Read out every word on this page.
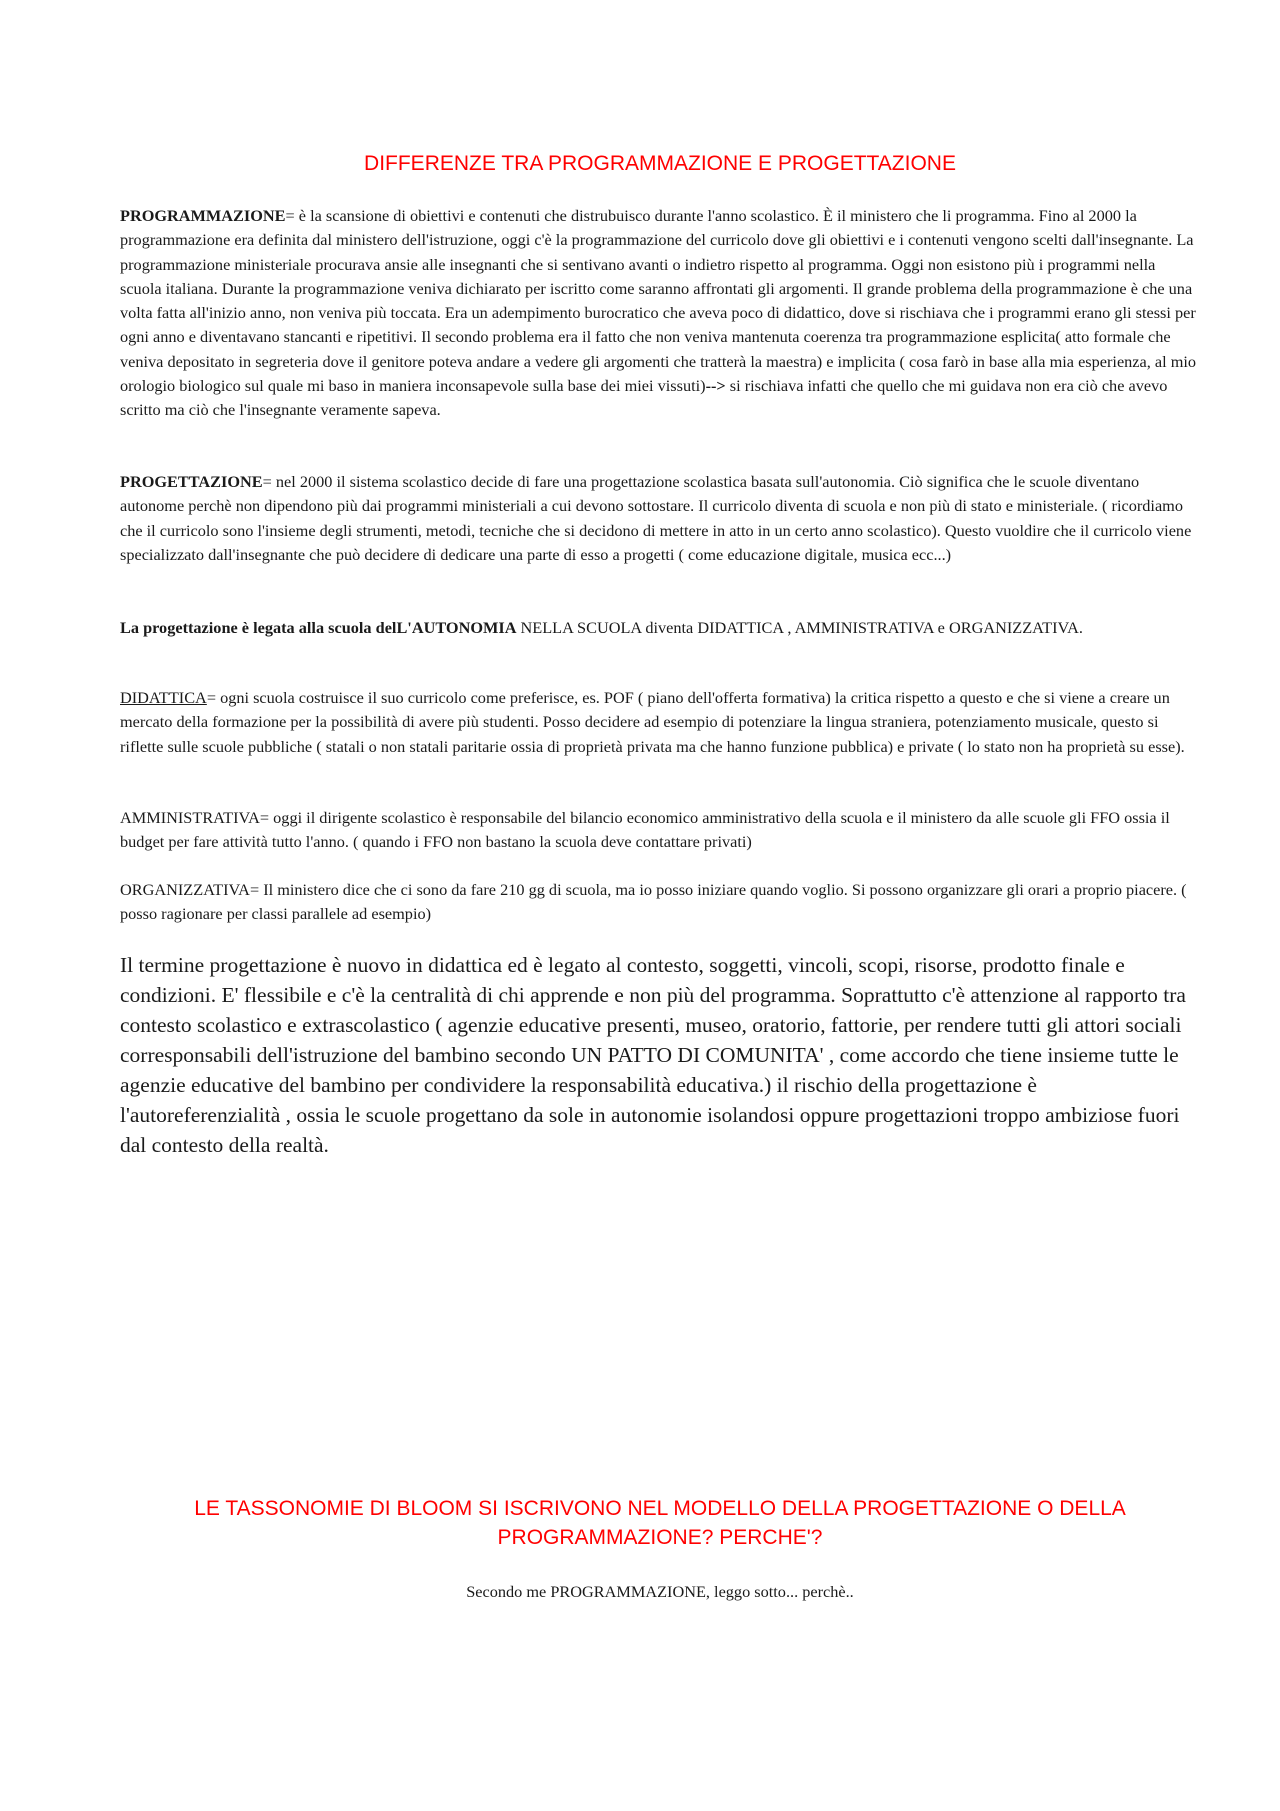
DIFFERENZE TRA PROGRAMMAZIONE E PROGETTAZIONE

PROGRAMMAZIONE= è la scansione di obiettivi e contenuti che distrubuisco durante l'anno scolastico. È il ministero che li programma. Fino al 2000 la programmazione era definita dal ministero dell'istruzione, oggi c'è la programmazione del curricolo dove gli obiettivi e i contenuti vengono scelti dall'insegnante. La programmazione ministeriale procurava ansie alle insegnanti che si sentivano avanti o indietro rispetto al programma. Oggi non esistono più i programmi nella scuola italiana. Durante la programmazione veniva dichiarato per iscritto come saranno affrontati gli argomenti. Il grande problema della programmazione è che una volta fatta all'inizio anno, non veniva più toccata. Era un adempimento burocratico che aveva poco di didattico, dove si rischiava che i programmi erano gli stessi per ogni anno e diventavano stancanti e ripetitivi. Il secondo problema era il fatto che non veniva mantenuta coerenza tra programmazione esplicita( atto formale che veniva depositato in segreteria dove il genitore poteva andare a vedere gli argomenti che tratterà la maestra) e implicita ( cosa farò in base alla mia esperienza, al mio orologio biologico sul quale mi baso in maniera inconsapevole sulla base dei miei vissuti)--> si rischiava infatti che quello che mi guidava non era ciò che avevo scritto ma ciò che l'insegnante veramente sapeva.

PROGETTAZIONE= nel 2000 il sistema scolastico decide di fare una progettazione scolastica basata sull'autonomia. Ciò significa che le scuole diventano autonome perchè non dipendono più dai programmi ministeriali a cui devono sottostare. Il curricolo diventa di scuola e non più di stato e ministeriale. ( ricordiamo che il curricolo sono l'insieme degli strumenti, metodi, tecniche che si decidono di mettere in atto in un certo anno scolastico). Questo vuoldire che il curricolo viene specializzato dall'insegnante che può decidere di dedicare una parte di esso a progetti ( come educazione digitale, musica ecc...)

La progettazione è legata alla scuola delL'AUTONOMIA NELLA SCUOLA diventa DIDATTICA , AMMINISTRATIVA e ORGANIZZATIVA.

DIDATTICA= ogni scuola costruisce il suo curricolo come preferisce, es. POF ( piano dell'offerta formativa) la critica rispetto a questo e che si viene a creare un mercato della formazione per la possibilità di avere più studenti. Posso decidere ad esempio di potenziare la lingua straniera, potenziamento musicale, questo si riflette sulle scuole pubbliche ( statali o non statali paritarie ossia di proprietà privata ma che hanno funzione pubblica) e private ( lo stato non ha proprietà su esse).

AMMINISTRATIVA= oggi il dirigente scolastico è responsabile del bilancio economico amministrativo della scuola e il ministero da alle scuole gli FFO ossia il budget per fare attività tutto l'anno. ( quando i FFO non bastano la scuola deve contattare privati)

ORGANIZZATIVA= Il ministero dice che ci sono da fare 210 gg di scuola, ma io posso iniziare quando voglio. Si possono organizzare gli orari a proprio piacere. ( posso ragionare per classi parallele ad esempio)

Il termine progettazione è nuovo in didattica ed è legato al contesto, soggetti, vincoli, scopi, risorse, prodotto finale e condizioni. E' flessibile e c'è la centralità di chi apprende e non più del programma. Soprattutto c'è attenzione al rapporto tra contesto scolastico e extrascolastico ( agenzie educative presenti, museo, oratorio, fattorie, per rendere tutti gli attori sociali corresponsabili dell'istruzione del bambino secondo UN PATTO DI COMUNITA' , come accordo che tiene insieme tutte le agenzie educative del bambino per condividere la responsabilità educativa.) il rischio della progettazione è l'autoreferenzialità , ossia le scuole progettano da sole in autonomie isolandosi oppure progettazioni troppo ambiziose fuori dal contesto della realtà.

LE TASSONOMIE DI BLOOM SI ISCRIVONO NEL MODELLO DELLA PROGETTAZIONE O DELLA PROGRAMMAZIONE? PERCHE'?

Secondo me PROGRAMMAZIONE, leggo sotto... perchè..
